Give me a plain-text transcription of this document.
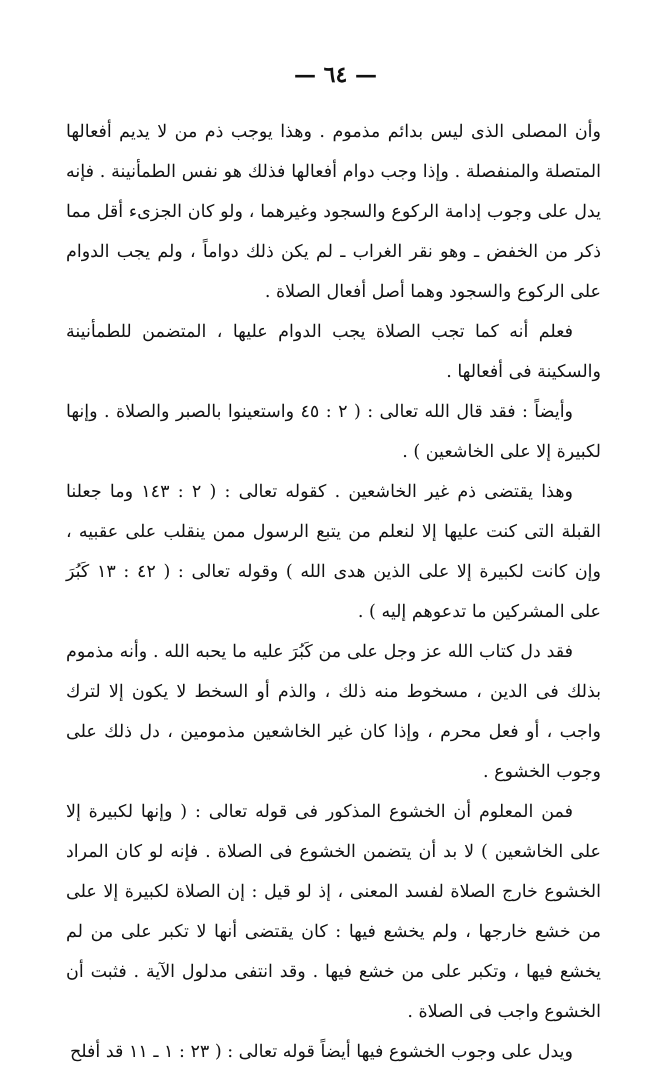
— ٦٤ —

وأن المصلى الذى ليس بدائم مذموم . وهذا يوجب ذم من لا يديم أفعالها المتصلة والمنفصلة . وإذا وجب دوام أفعالها فذلك هو نفس الطمأنينة . فإنه يدل على وجوب إدامة الركوع والسجود وغيرهما ، ولو كان الجزىء أقل مما ذكر من الخفض ـ وهو نقر الغراب ـ لم يكن ذلك دواماً ، ولم يجب الدوام على الركوع والسجود وهما أصل أفعال الصلاة .

فعلم أنه كما تجب الصلاة يجب الدوام عليها ، المتضمن للطمأنينة والسكينة فى أفعالها .

وأيضاً : فقد قال الله تعالى : ( ٢ : ٤٥ واستعينوا بالصبر والصلاة . وإنها لكبيرة إلا على الخاشعين ) .

وهذا يقتضى ذم غير الخاشعين . كقوله تعالى : ( ٢ : ١٤٣ وما جعلنا القبلة التى كنت عليها إلا لنعلم من يتبع الرسول ممن ينقلب على عقبيه ، وإن كانت لكبيرة إلا على الذين هدى الله ) وقوله تعالى : ( ٤٢ : ١٣ كَبُرَ على المشركين ما تدعوهم إليه ) .

فقد دل كتاب الله عز وجل على من كَبُرَ عليه ما يحبه الله . وأنه مذموم بذلك فى الدين ، مسخوط منه ذلك ، والذم أو السخط لا يكون إلا لترك واجب ، أو فعل محرم ، وإذا كان غير الخاشعين مذمومين ، دل ذلك على وجوب الخشوع .

فمن المعلوم أن الخشوع المذكور فى قوله تعالى : ( وإنها لكبيرة إلا على الخاشعين ) لا بد أن يتضمن الخشوع فى الصلاة . فإنه لو كان المراد الخشوع خارج الصلاة لفسد المعنى ، إذ لو قيل : إن الصلاة لكبيرة إلا على من خشع خارجها ، ولم يخشع فيها : كان يقتضى أنها لا تكبر على من لم يخشع فيها ، وتكبر على من خشع فيها . وقد انتفى مدلول الآية . فثبت أن الخشوع واجب فى الصلاة .

ويدل على وجوب الخشوع فيها أيضاً قوله تعالى : ( ٢٣ : ١ ـ ١١ قد أفلح
